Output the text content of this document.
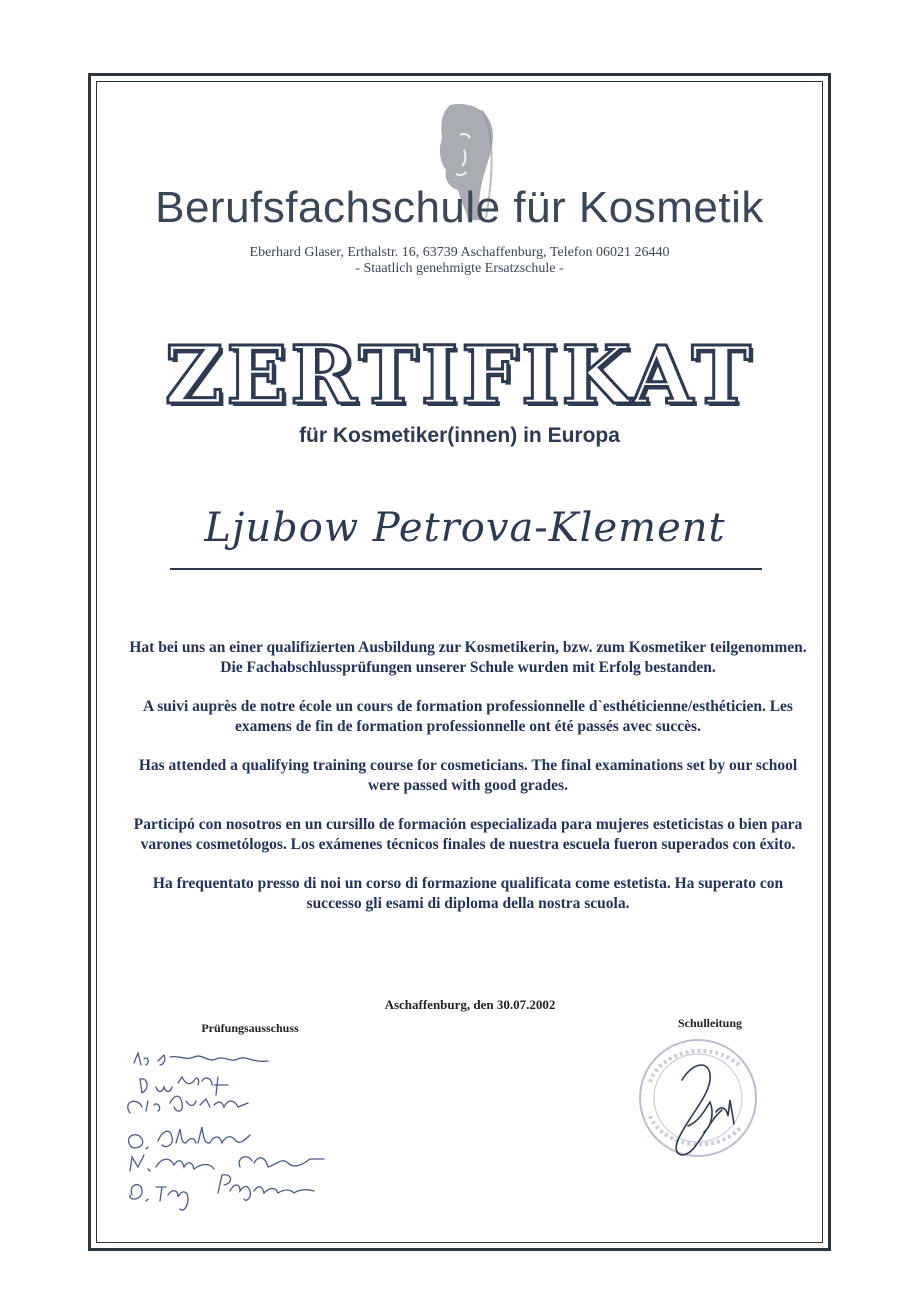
Berufsfachschule für Kosmetik
Eberhard Glaser, Erthalstr. 16, 63739 Aschaffenburg, Telefon 06021 26440
- Staatlich genehmigte Ersatzschule -
ZERTIFIKAT
für Kosmetiker(innen) in Europa
Ljubow Petrova-Klement

Hat bei uns an einer qualifizierten Ausbildung zur Kosmetikerin, bzw. zum Kosmetiker teilgenommen. Die Fachabschlussprüfungen unserer Schule wurden mit Erfolg bestanden.

A suivi auprès de notre école un cours de formation professionnelle d`esthéticienne/esthéticien. Les examens de fin de formation professionnelle ont été passés avec succès.

Has attended a qualifying training course for cosmeticians. The final examinations set by our school were passed with good grades.

Participó con nosotros en un cursillo de formación especializada para mujeres esteticistas o bien para varones cosmetólogos. Los exámenes técnicos finales de nuestra escuela fueron superados con éxito.

Ha frequentato presso di noi un corso di formazione qualificata come estetista. Ha superato con successo gli esami di diploma della nostra scuola.

Aschaffenburg, den 30.07.2002
Prüfungsausschuss	Schulleitung
